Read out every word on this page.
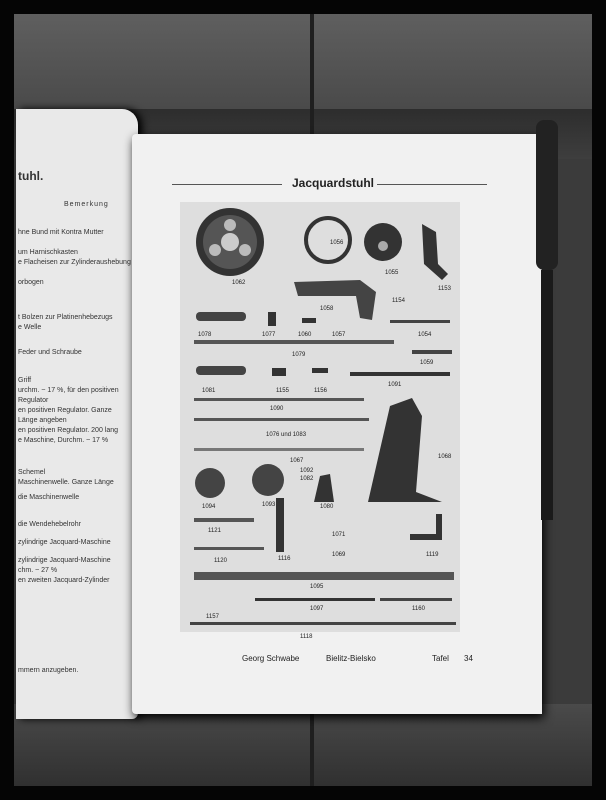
tuhl.
Bemerkung
hne Bund mit Kontra Mutter
um Harnischkasten
e Flacheisen zur Zylinderaushebung
orbogen
t Bolzen zur Platinenhebezugs
e Welle
Feder und Schraube
Griff
urchm. ~ 17 %, für den positiven
Regulator
en positiven Regulator. Ganze
Länge angeben
en positiven Regulator. 200 lang
e Maschine, Durchm. ~ 17 %
Schemel
Maschinenwelle. Ganze Länge
die Maschinenwelle
die Wendehebelrohr
zylindrige Jacquard-Maschine
zylindrige Jacquard-Maschine
chm. ~ 27 %
en zweiten Jacquard-Zylinder
mmern anzugeben.
Jacquardstuhl
1056
1055
1153
1062
1058
1154
1078	1077	1060	1057	1054
1079
1059
1081	1155	1156
1091
1090
1076 und 1083
1067
1068
1092
1082
1094	1093	1080
1121
1071
1120	1116
1069	1119
1095
1157
1097	1160
1118
Georg Schwabe	Bielitz-Bielsko	Tafel 34
